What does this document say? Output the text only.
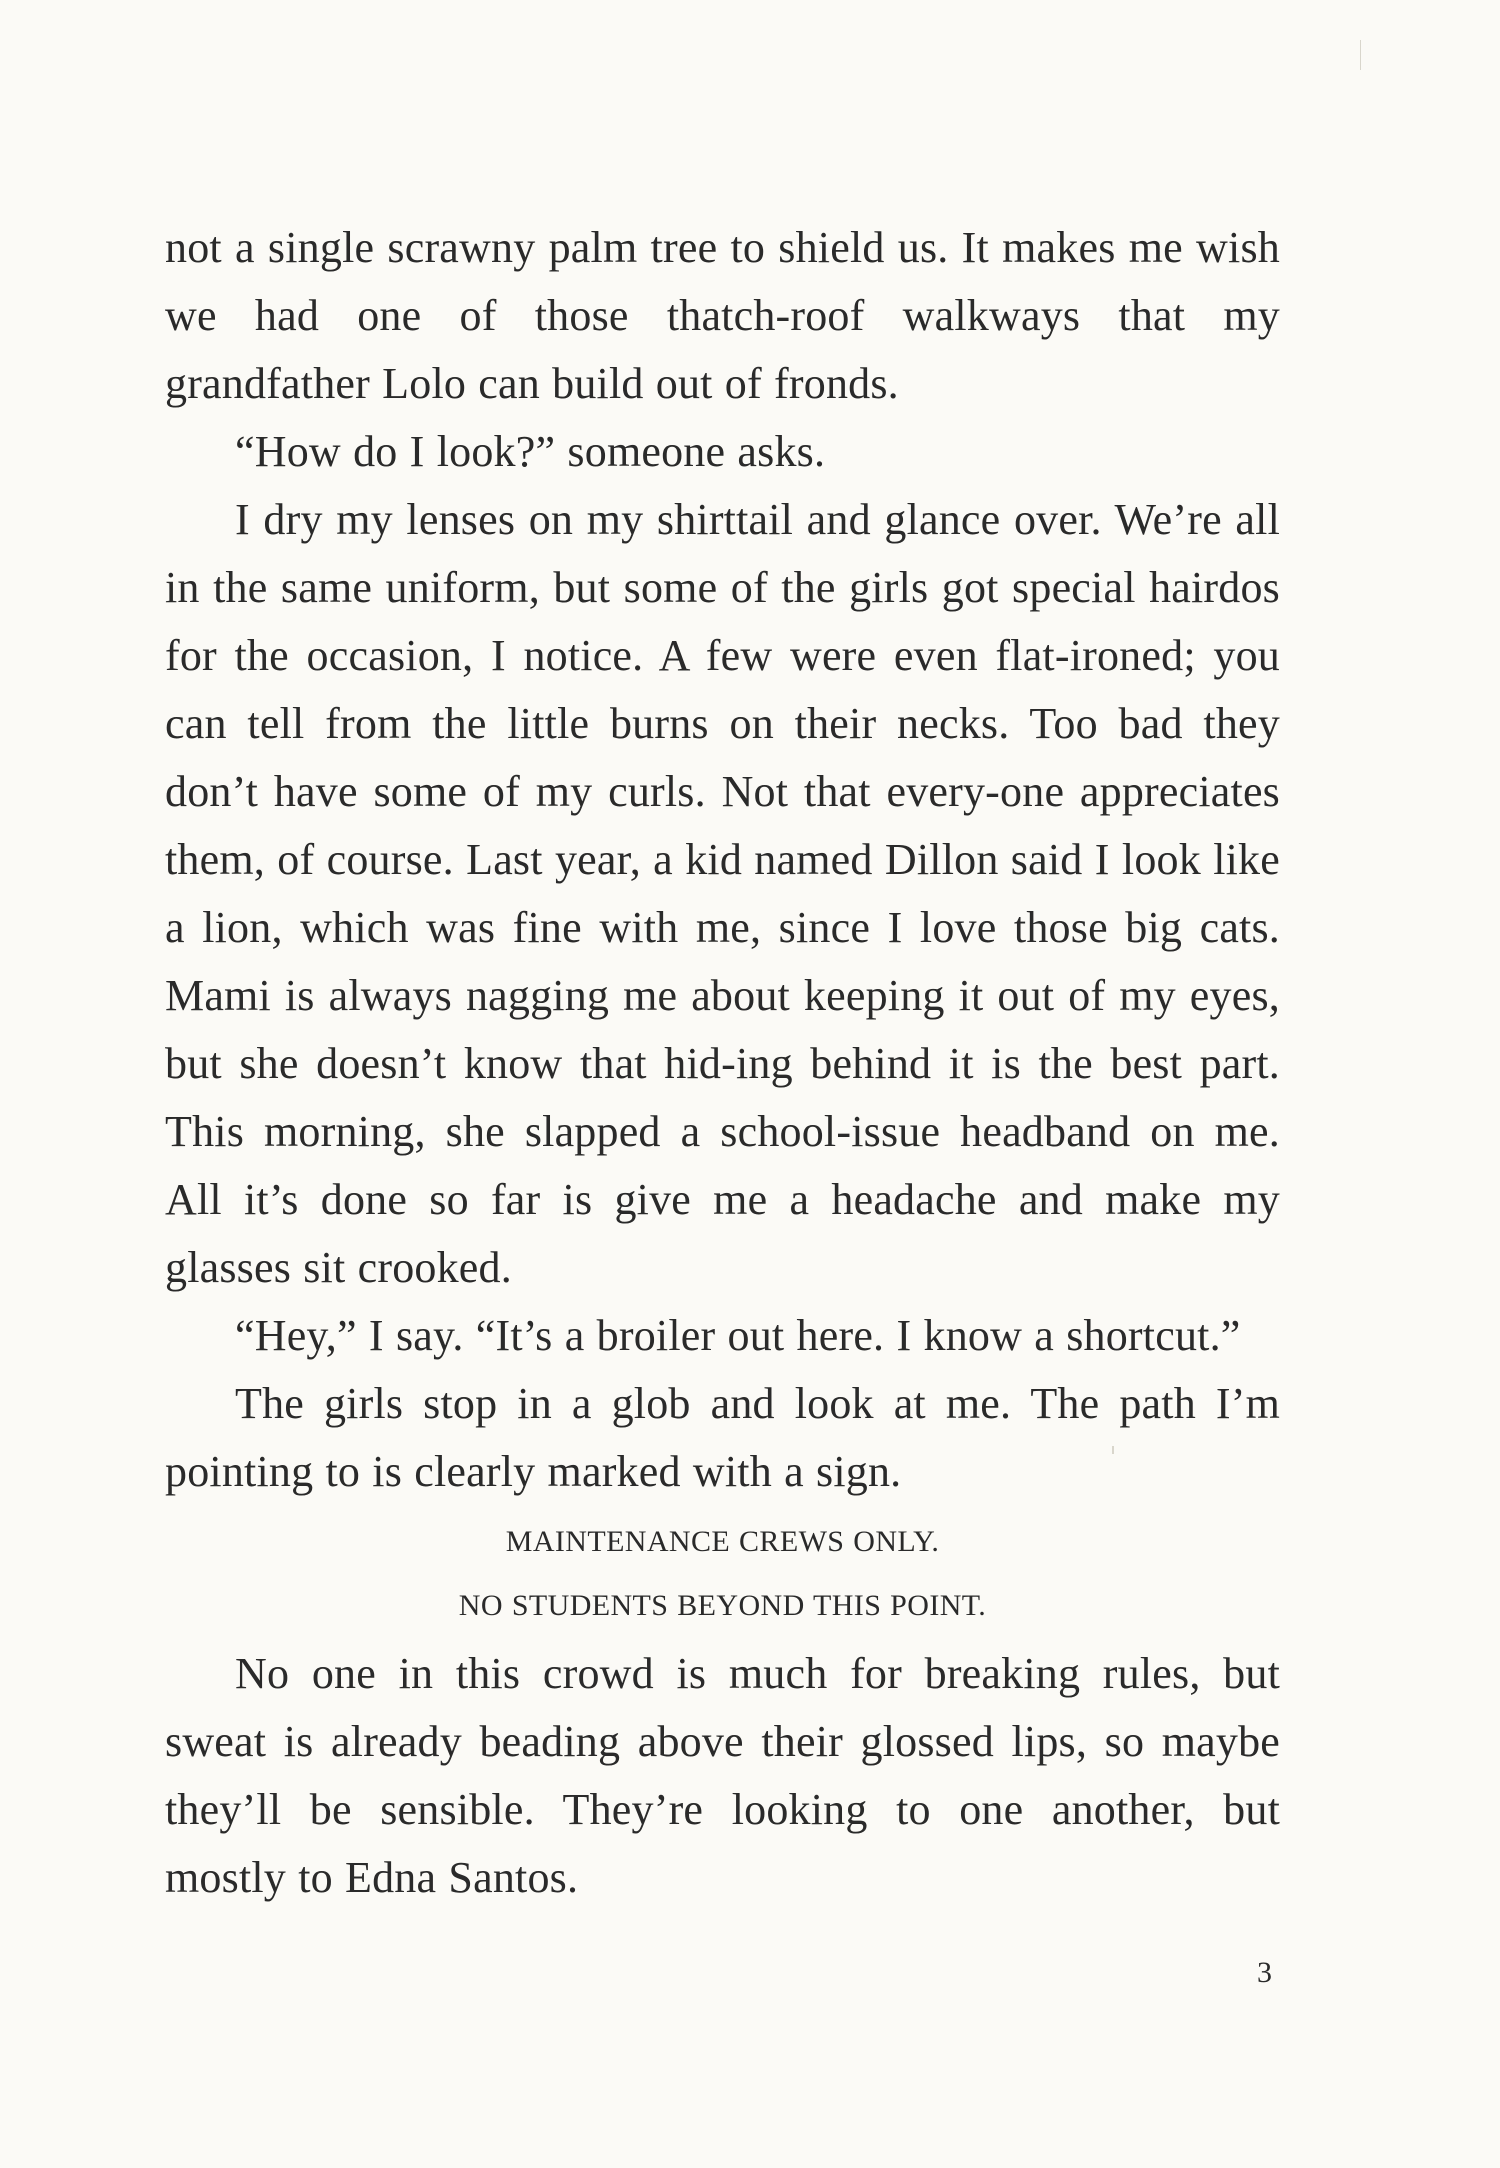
not a single scrawny palm tree to shield us. It makes me wish we had one of those thatch-roof walkways that my grandfather Lolo can build out of fronds.

“How do I look?” someone asks.

I dry my lenses on my shirttail and glance over. We’re all in the same uniform, but some of the girls got special hairdos for the occasion, I notice. A few were even flat-ironed; you can tell from the little burns on their necks. Too bad they don’t have some of my curls. Not that every-one appreciates them, of course. Last year, a kid named Dillon said I look like a lion, which was fine with me, since I love those big cats. Mami is always nagging me about keeping it out of my eyes, but she doesn’t know that hid-ing behind it is the best part. This morning, she slapped a school-issue headband on me. All it’s done so far is give me a headache and make my glasses sit crooked.

“Hey,” I say. “It’s a broiler out here. I know a shortcut.”

The girls stop in a glob and look at me. The path I’m pointing to is clearly marked with a sign.

MAINTENANCE CREWS ONLY.

NO STUDENTS BEYOND THIS POINT.

No one in this crowd is much for breaking rules, but sweat is already beading above their glossed lips, so maybe they’ll be sensible. They’re looking to one another, but mostly to Edna Santos.

3
